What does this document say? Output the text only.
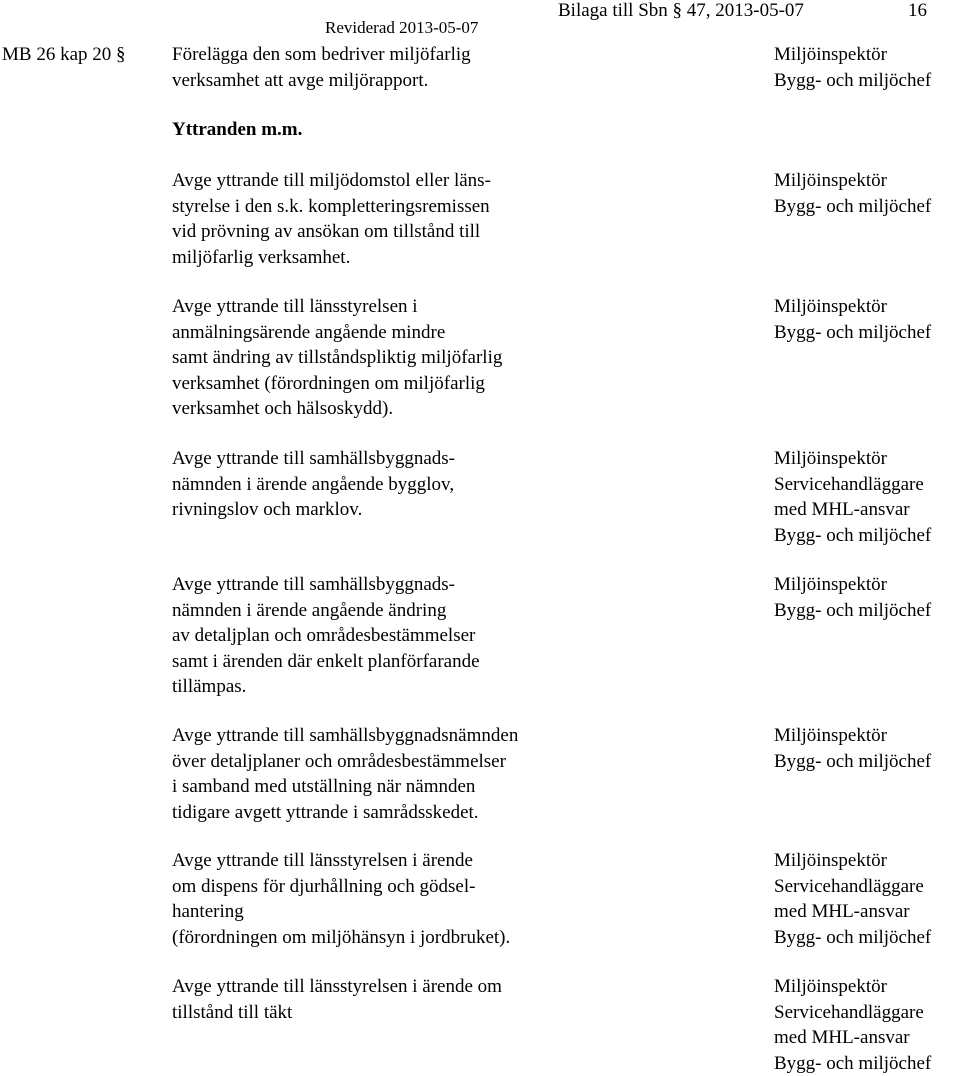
Reviderad 2013-05-07
Bilaga till Sbn § 47, 2013-05-07	16
MB 26 kap 20 § Förelägga den som bedriver miljöfarlig
verksamhet att avge miljörapport.
Miljöinspektör
Bygg- och miljöchef
Yttranden m.m.
Avge yttrande till miljödomstol eller läns-
styrelse i den s.k. kompletteringsremissen
vid prövning av ansökan om tillstånd till
miljöfarlig verksamhet.
Miljöinspektör
Bygg- och miljöchef
Avge yttrande till länsstyrelsen i
anmälningsärende angående mindre
samt ändring av tillståndspliktig miljöfarlig
verksamhet (förordningen om miljöfarlig
verksamhet och hälsoskydd).
Miljöinspektör
Bygg- och miljöchef
Avge yttrande till samhällsbyggnads-
nämnden i ärende angående bygglov,
rivningslov och marklov.
Miljöinspektör
Servicehandläggare
med MHL-ansvar
Bygg- och miljöchef
Avge yttrande till samhällsbyggnads-
nämnden i ärende angående ändring
av detaljplan och områdesbestämmelser
samt i ärenden där enkelt planförfarande
tillämpas.
Miljöinspektör
Bygg- och miljöchef
Avge yttrande till samhällsbyggnadsnämnden
över detaljplaner och områdesbestämmelser
i samband med utställning när nämnden
tidigare avgett yttrande i samrådsskedet.
Miljöinspektör
Bygg- och miljöchef
Avge yttrande till länsstyrelsen i ärende
om dispens för djurhållning och gödsel-
hantering
(förordningen om miljöhänsyn i jordbruket).
Miljöinspektör
Servicehandläggare
med MHL-ansvar
Bygg- och miljöchef
Avge yttrande till länsstyrelsen i ärende om
tillstånd till täkt
Miljöinspektör
Servicehandläggare
med MHL-ansvar
Bygg- och miljöchef
